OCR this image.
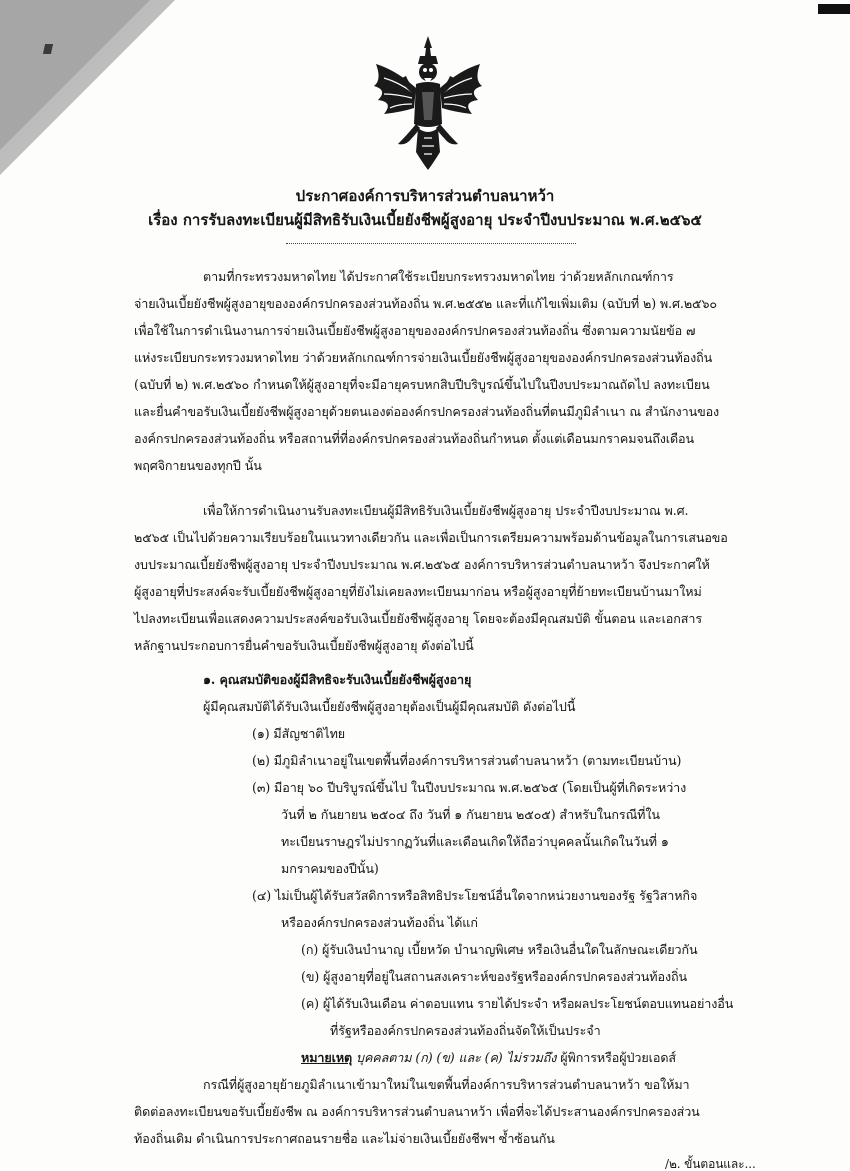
ประกาศองค์การบริหารส่วนตำบลนาหว้า
เรื่อง การรับลงทะเบียนผู้มีสิทธิรับเงินเบี้ยยังชีพผู้สูงอายุ ประจำปีงบประมาณ พ.ศ.๒๕๖๕
ตามที่กระทรวงมหาดไทย ได้ประกาศใช้ระเบียบกระทรวงมหาดไทย ว่าด้วยหลักเกณฑ์การ
จ่ายเงินเบี้ยยังชีพผู้สูงอายุขององค์กรปกครองส่วนท้องถิ่น พ.ศ.๒๕๕๒ และที่แก้ไขเพิ่มเติม (ฉบับที่ ๒) พ.ศ.๒๕๖๐
เพื่อใช้ในการดำเนินงานการจ่ายเงินเบี้ยยังชีพผู้สูงอายุขององค์กรปกครองส่วนท้องถิ่น ซึ่งตามความนัยข้อ ๗
แห่งระเบียบกระทรวงมหาดไทย ว่าด้วยหลักเกณฑ์การจ่ายเงินเบี้ยยังชีพผู้สูงอายุขององค์กรปกครองส่วนท้องถิ่น
(ฉบับที่ ๒) พ.ศ.๒๕๖๐ กำหนดให้ผู้สูงอายุที่จะมีอายุครบหกสิบปีบริบูรณ์ขึ้นไปในปีงบประมาณถัดไป ลงทะเบียน
และยื่นคำขอรับเงินเบี้ยยังชีพผู้สูงอายุด้วยตนเองต่อองค์กรปกครองส่วนท้องถิ่นที่ตนมีภูมิลำเนา ณ สำนักงานของ
องค์กรปกครองส่วนท้องถิ่น หรือสถานที่ที่องค์กรปกครองส่วนท้องถิ่นกำหนด ตั้งแต่เดือนมกราคมจนถึงเดือน
พฤศจิกายนของทุกปี นั้น
เพื่อให้การดำเนินงานรับลงทะเบียนผู้มีสิทธิรับเงินเบี้ยยังชีพผู้สูงอายุ ประจำปีงบประมาณ พ.ศ.
๒๕๖๕ เป็นไปด้วยความเรียบร้อยในแนวทางเดียวกัน และเพื่อเป็นการเตรียมความพร้อมด้านข้อมูลในการเสนอขอ
งบประมาณเบี้ยยังชีพผู้สูงอายุ ประจำปีงบประมาณ พ.ศ.๒๕๖๕ องค์การบริหารส่วนตำบลนาหว้า จึงประกาศให้
ผู้สูงอายุที่ประสงค์จะรับเบี้ยยังชีพผู้สูงอายุที่ยังไม่เคยลงทะเบียนมาก่อน หรือผู้สูงอายุที่ย้ายทะเบียนบ้านมาใหม่
ไปลงทะเบียนเพื่อแสดงความประสงค์ขอรับเงินเบี้ยยังชีพผู้สูงอายุ โดยจะต้องมีคุณสมบัติ ขั้นตอน และเอกสาร
หลักฐานประกอบการยื่นคำขอรับเงินเบี้ยยังชีพผู้สูงอายุ ดังต่อไปนี้
๑. คุณสมบัติของผู้มีสิทธิจะรับเงินเบี้ยยังชีพผู้สูงอายุ
ผู้มีคุณสมบัติได้รับเงินเบี้ยยังชีพผู้สูงอายุต้องเป็นผู้มีคุณสมบัติ ดังต่อไปนี้
(๑) มีสัญชาติไทย
(๒) มีภูมิลำเนาอยู่ในเขตพื้นที่องค์การบริหารส่วนตำบลนาหว้า (ตามทะเบียนบ้าน)
(๓) มีอายุ ๖๐ ปีบริบูรณ์ขึ้นไป ในปีงบประมาณ พ.ศ.๒๕๖๕ (โดยเป็นผู้ที่เกิดระหว่าง
วันที่ ๒ กันยายน ๒๕๐๔ ถึง วันที่ ๑ กันยายน ๒๕๐๕) สำหรับในกรณีที่ใน
ทะเบียนราษฎรไม่ปรากฏวันที่และเดือนเกิดให้ถือว่าบุคคลนั้นเกิดในวันที่ ๑
มกราคมของปีนั้น)
(๔) ไม่เป็นผู้ได้รับสวัสดิการหรือสิทธิประโยชน์อื่นใดจากหน่วยงานของรัฐ รัฐวิสาหกิจ
หรือองค์กรปกครองส่วนท้องถิ่น ได้แก่
(ก) ผู้รับเงินบำนาญ เบี้ยหวัด บำนาญพิเศษ หรือเงินอื่นใดในลักษณะเดียวกัน
(ข) ผู้สูงอายุที่อยู่ในสถานสงเคราะห์ของรัฐหรือองค์กรปกครองส่วนท้องถิ่น
(ค) ผู้ได้รับเงินเดือน ค่าตอบแทน รายได้ประจำ หรือผลประโยชน์ตอบแทนอย่างอื่น
ที่รัฐหรือองค์กรปกครองส่วนท้องถิ่นจัดให้เป็นประจำ
หมายเหตุ บุคคลตาม (ก) (ข) และ (ค) ไม่รวมถึง ผู้พิการหรือผู้ป่วยเอดส์
กรณีที่ผู้สูงอายุย้ายภูมิลำเนาเข้ามาใหม่ในเขตพื้นที่องค์การบริหารส่วนตำบลนาหว้า ขอให้มา
ติดต่อลงทะเบียนขอรับเบี้ยยังชีพ ณ องค์การบริหารส่วนตำบลนาหว้า เพื่อที่จะได้ประสานองค์กรปกครองส่วน
ท้องถิ่นเดิม ดำเนินการประกาศถอนรายชื่อ และไม่จ่ายเงินเบี้ยยังชีพฯ ซ้ำซ้อนกัน
/๒. ขั้นตอนและ...
